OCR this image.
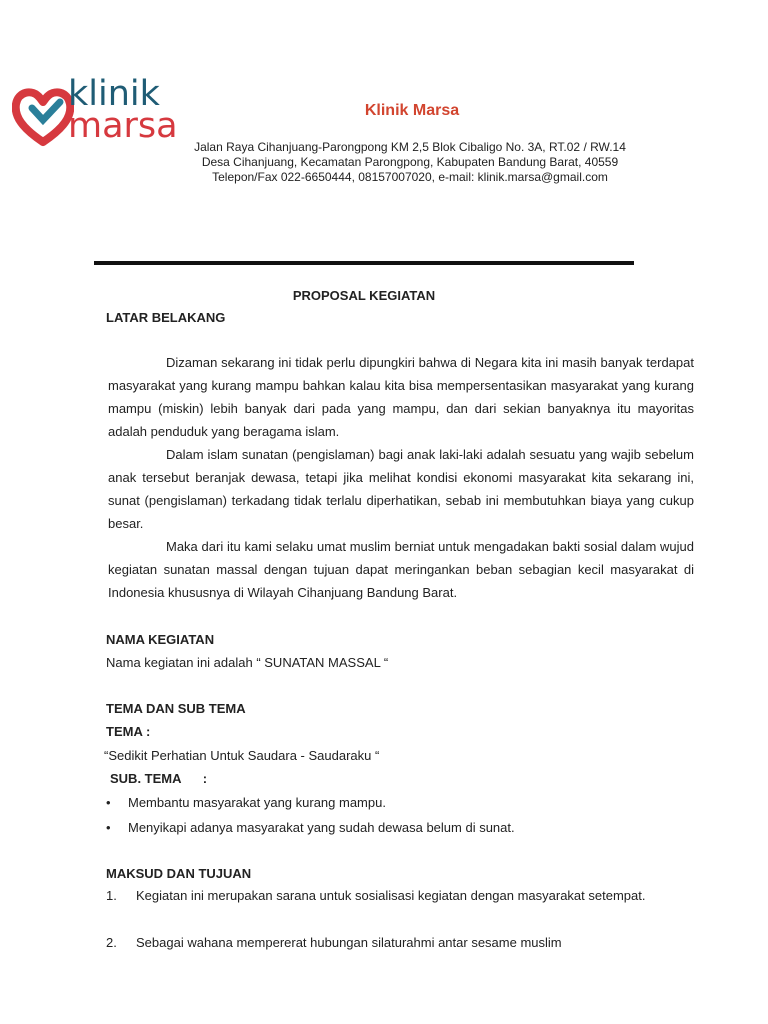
klinik
marsa	Klinik Marsa
Jalan Raya Cihanjuang-Parongpong KM 2,5 Blok Cibaligo No. 3A, RT.02 / RW.14
Desa Cihanjuang, Kecamatan Parongpong, Kabupaten Bandung Barat, 40559
Telepon/Fax 022-6650444, 08157007020, e-mail: klinik.marsa@gmail.com
PROPOSAL KEGIATAN
LATAR BELAKANG

Dizaman sekarang ini tidak perlu dipungkiri bahwa di Negara kita ini masih banyak terdapat masyarakat yang kurang mampu bahkan kalau kita bisa mempersentasikan masyarakat yang kurang mampu (miskin) lebih banyak dari pada yang mampu, dan dari sekian banyaknya itu mayoritas adalah penduduk yang beragama islam.

Dalam islam sunatan (pengislaman) bagi anak laki-laki adalah sesuatu yang wajib sebelum anak tersebut beranjak dewasa, tetapi jika melihat kondisi ekonomi masyarakat kita sekarang ini, sunat (pengislaman) terkadang tidak terlalu diperhatikan, sebab ini membutuhkan biaya yang cukup besar.

Maka dari itu kami selaku umat muslim berniat untuk mengadakan bakti sosial dalam wujud kegiatan sunatan massal dengan tujuan dapat meringankan beban sebagian kecil masyarakat di Indonesia khususnya di Wilayah Cihanjuang Bandung Barat.

NAMA KEGIATAN
Nama kegiatan ini adalah “ SUNATAN MASSAL “
TEMA DAN SUB TEMA
TEMA :
“Sedikit Perhatian Untuk Saudara - Saudaraku “
SUB. TEMA      :
• Membantu masyarakat yang kurang mampu.
• Menyikapi adanya masyarakat yang sudah dewasa belum di sunat.
MAKSUD DAN TUJUAN
1. Kegiatan ini merupakan sarana untuk sosialisasi kegiatan dengan masyarakat setempat.
2. Sebagai wahana mempererat hubungan silaturahmi antar sesame muslim
